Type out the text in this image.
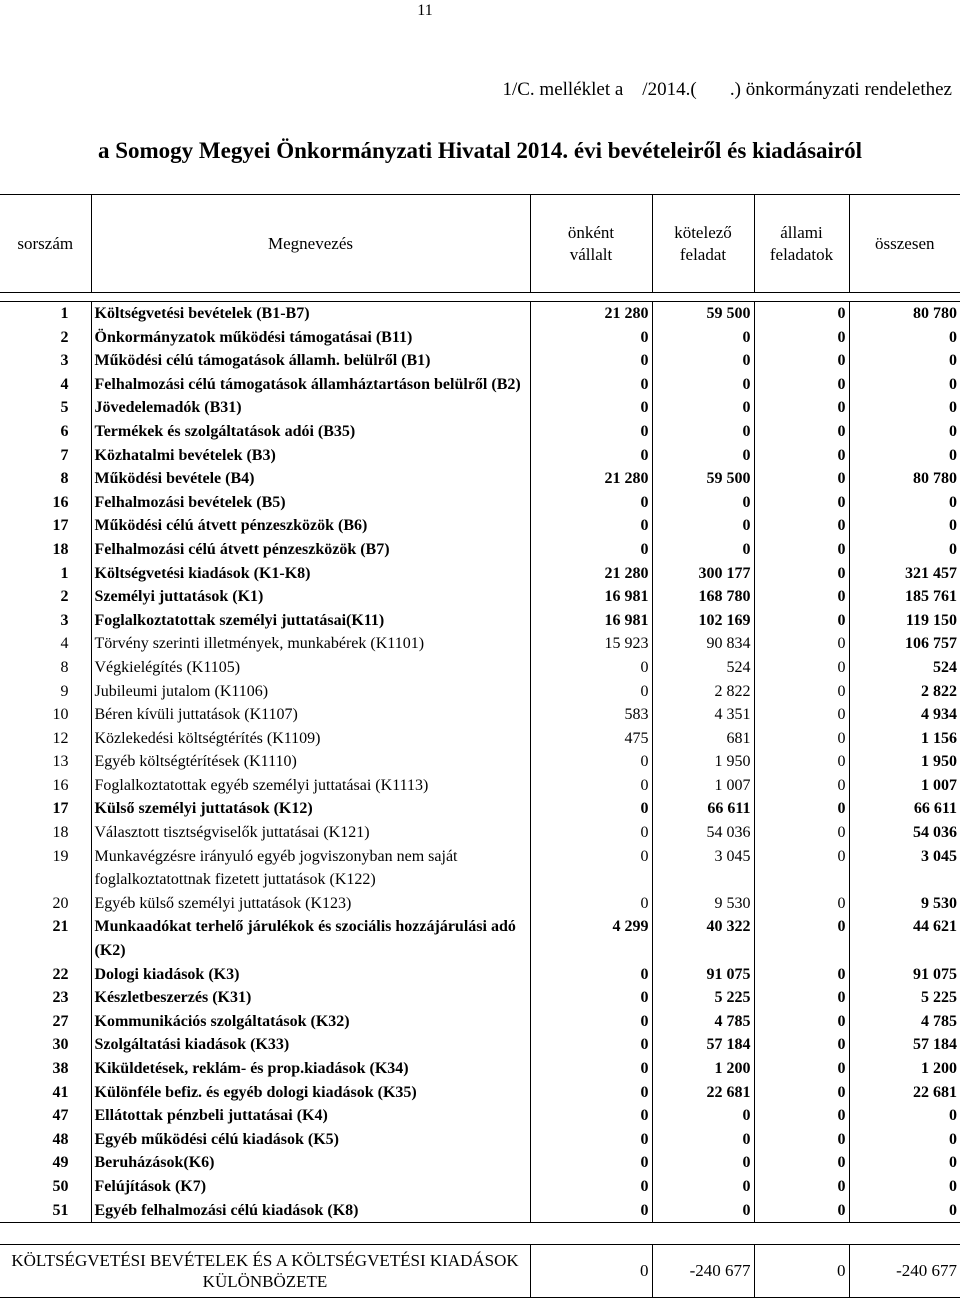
11
1/C. melléklet a    /2014.(       .) önkormányzati rendelethez
a Somogy Megyei Önkormányzati Hivatal 2014. évi bevételeiről és kiadásairól
sorszám	Megnevezés	önként vállalt	kötelező feladat	állami feladatok	összesen

1	Költségvetési bevételek (B1-B7)	21 280	59 500	0	80 780
2	Önkormányzatok működési támogatásai (B11)	0	0	0	0
3	Működési célú támogatások államh. belülről (B1)	0	0	0	0
4	Felhalmozási célú támogatások államháztartáson belülről (B2)	0	0	0	0
5	Jövedelemadók (B31)	0	0	0	0
6	Termékek és szolgáltatások adói (B35)	0	0	0	0
7	Közhatalmi bevételek (B3)	0	0	0	0
8	Működési bevétele (B4)	21 280	59 500	0	80 780
16	Felhalmozási bevételek (B5)	0	0	0	0
17	Működési célú átvett pénzeszközök (B6)	0	0	0	0
18	Felhalmozási célú átvett pénzeszközök (B7)	0	0	0	0
1	Költségvetési kiadások (K1-K8)	21 280	300 177	0	321 457
2	Személyi juttatások (K1)	16 981	168 780	0	185 761
3	Foglalkoztatottak személyi juttatásai(K11)	16 981	102 169	0	119 150
4	Törvény szerinti illetmények, munkabérek (K1101)	15 923	90 834	0	106 757
8	Végkielégítés (K1105)	0	524	0	524
9	Jubileumi jutalom (K1106)	0	2 822	0	2 822
10	Béren kívüli juttatások (K1107)	583	4 351	0	4 934
12	Közlekedési költségtérítés (K1109)	475	681	0	1 156
13	Egyéb költségtérítések (K1110)	0	1 950	0	1 950
16	Foglalkoztatottak egyéb személyi juttatásai (K1113)	0	1 007	0	1 007
17	Külső személyi juttatások (K12)	0	66 611	0	66 611
18	Választott tisztségviselők juttatásai (K121)	0	54 036	0	54 036
19	Munkavégzésre irányuló egyéb jogviszonyban nem saját foglalkoztatottnak fizetett juttatások (K122)	0	3 045	0	3 045
20	Egyéb külső személyi juttatások (K123)	0	9 530	0	9 530
21	Munkaadókat terhelő járulékok és szociális hozzájárulási adó (K2)	4 299	40 322	0	44 621
22	Dologi kiadások (K3)	0	91 075	0	91 075
23	Készletbeszerzés (K31)	0	5 225	0	5 225
27	Kommunikációs szolgáltatások (K32)	0	4 785	0	4 785
30	Szolgáltatási kiadások (K33)	0	57 184	0	57 184
38	Kiküldetések, reklám- és prop.kiadások (K34)	0	1 200	0	1 200
41	Különféle befiz. és egyéb dologi kiadások (K35)	0	22 681	0	22 681
47	Ellátottak pénzbeli juttatásai (K4)	0	0	0	0
48	Egyéb működési célú kiadások (K5)	0	0	0	0
49	Beruházások(K6)	0	0	0	0
50	Felújítások (K7)	0	0	0	0
51	Egyéb felhalmozási célú kiadások (K8)	0	0	0	0

KÖLTSÉGVETÉSI BEVÉTELEK ÉS A KÖLTSÉGVETÉSI KIADÁSOK KÜLÖNBÖZETE		0	-240 677	0	-240 677
